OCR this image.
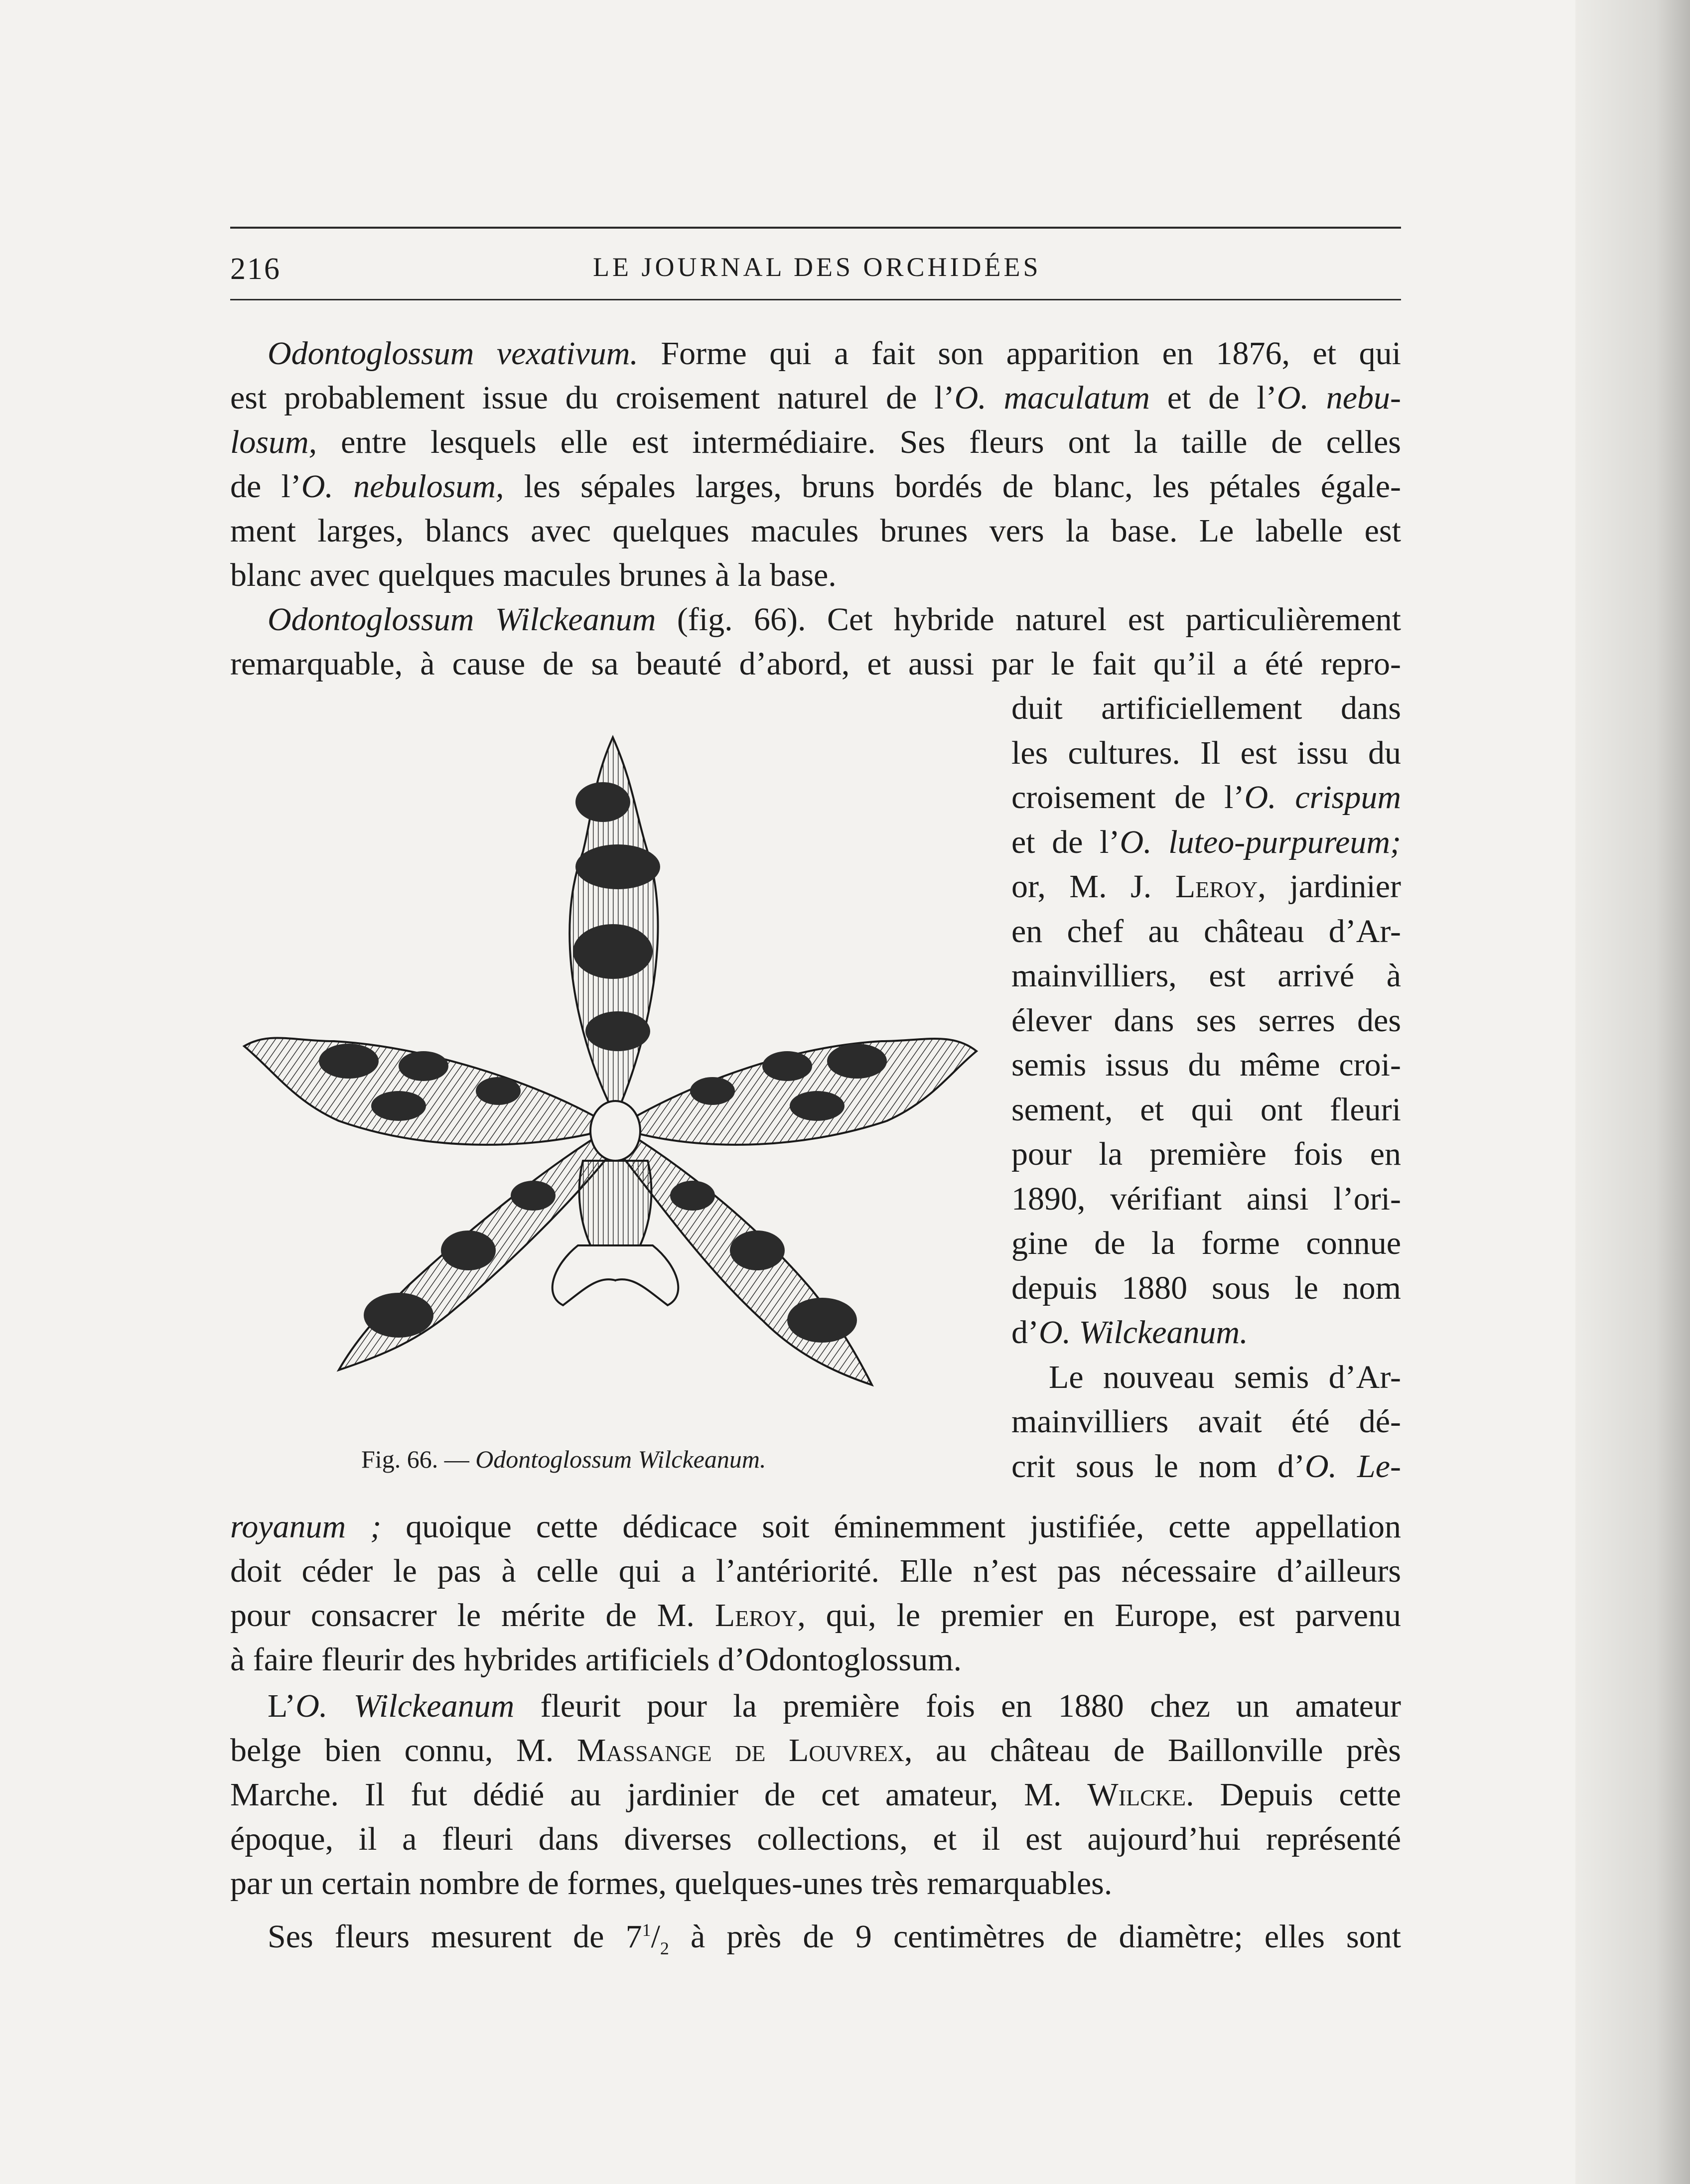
216	LE JOURNAL DES ORCHIDÉES
Odontoglossum vexativum. Forme qui a fait son apparition en 1876, et qui
est probablement issue du croisement naturel de l’O. maculatum et de l’O. nebu-
losum, entre lesquels elle est intermédiaire. Ses fleurs ont la taille de celles
de l’O. nebulosum, les sépales larges, bruns bordés de blanc, les pétales égale-
ment larges, blancs avec quelques macules brunes vers la base. Le labelle est
blanc avec quelques macules brunes à la base.
Odontoglossum Wilckeanum (fig. 66). Cet hybride naturel est particulièrement
remarquable, à cause de sa beauté d’abord, et aussi par le fait qu’il a été repro-
duit artificiellement dans
les cultures. Il est issu du
croisement de l’O. crispum
et de l’O. luteo-purpureum;
or, M. J. Leroy, jardinier
en chef au château d’Ar-
mainvilliers, est arrivé à
élever dans ses serres des
semis issus du même croi-
sement, et qui ont fleuri
pour la première fois en
1890, vérifiant ainsi l’ori-
gine de la forme connue
depuis 1880 sous le nom
d’O. Wilckeanum.
Le nouveau semis d’Ar-
mainvilliers avait été dé-
crit sous le nom d’O. Le-
Fig. 66. — Odontoglossum Wilckeanum.
royanum ; quoique cette dédicace soit éminemment justifiée, cette appellation
doit céder le pas à celle qui a l’antériorité. Elle n’est pas nécessaire d’ailleurs
pour consacrer le mérite de M. Leroy, qui, le premier en Europe, est parvenu
à faire fleurir des hybrides artificiels d’Odontoglossum.
L’O. Wilckeanum fleurit pour la première fois en 1880 chez un amateur
belge bien connu, M. Massange de Louvrex, au château de Baillonville près
Marche. Il fut dédié au jardinier de cet amateur, M. Wilcke. Depuis cette
époque, il a fleuri dans diverses collections, et il est aujourd’hui représenté
par un certain nombre de formes, quelques-unes très remarquables.
Ses fleurs mesurent de $7^1/_2$ à près de 9 centimètres de diamètre; elles sont
